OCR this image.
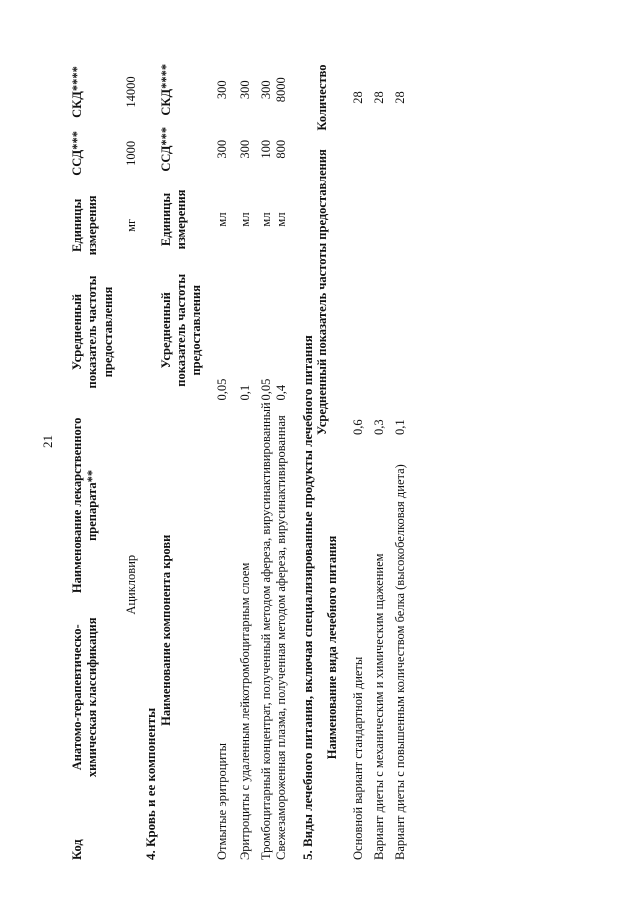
21
Код	Анатомо-терапевтическо-химическая классификация	Наименование лекарственного препарата**	Усредненный показатель частоты предоставления	Единицы измерения	ССД***	СКД****
		Ацикловир		мг	1000	14000

4. Кровь и ее компоненты

Наименование компонента крови	Усредненный показатель частоты предоставления	Единицы измерения	ССД***	СКД****
Отмытые эритроциты	0,05	мл	300	300
Эритроциты с удаленным лейкотромбоцитарным слоем	0,1	мл	300	300
Тромбоцитарный концентрат, полученный методом афереза, вирусинактивированный	0,05	мл	100	300
Свежезамороженная плазма, полученная методом афереза, вирусинактивированная	0,4	мл	800	8000

5. Виды лечебного питания, включая специализированные продукты лечебного питания Наименование вида лечебного питания	Усредненный показатель частоты предоставления	Количество
Основной вариант стандартной диеты	0,6	28
Вариант диеты с механическим и химическим щажением	0,3	28
Вариант диеты с повышенным количеством белка (высокобелковая диета)	0,1	28
